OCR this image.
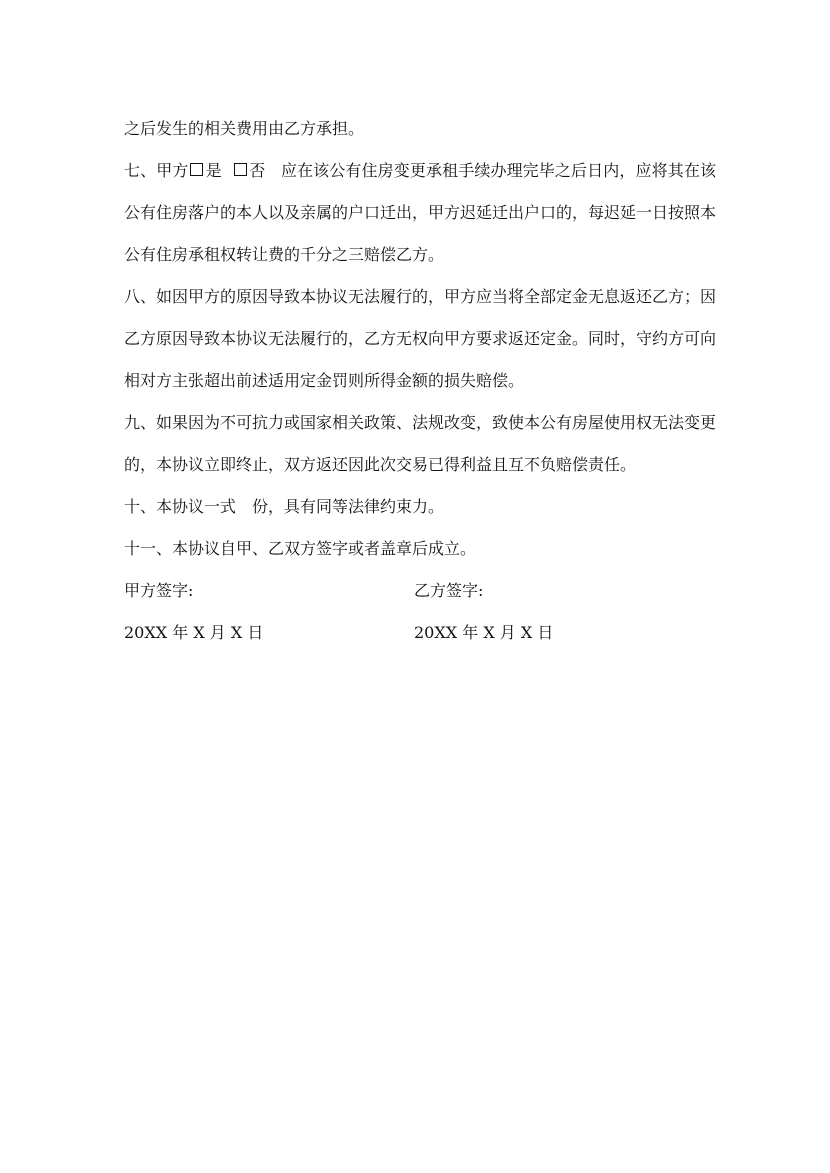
之后发生的相关费用由乙方承担。

七、甲方 是 否 应在该公有住房变更承租手续办理完毕之后日内，应将其在该公有住房落户的本人以及亲属的户口迁出，甲方迟延迁出户口的，每迟延一日按照本公有住房承租权转让费的千分之三赔偿乙方。

八、如因甲方的原因导致本协议无法履行的，甲方应当将全部定金无息返还乙方；因乙方原因导致本协议无法履行的，乙方无权向甲方要求返还定金。同时，守约方可向相对方主张超出前述适用定金罚则所得金额的损失赔偿。

九、如果因为不可抗力或国家相关政策、法规改变，致使本公有房屋使用权无法变更的，本协议立即终止，双方返还因此次交易已得利益且互不负赔偿责任。

十、本协议一式　份，具有同等法律约束力。

十一、本协议自甲、乙双方签字或者盖章后成立。

甲方签字:	乙方签字:
20XX 年 X 月 X 日	20XX 年 X 月 X 日
